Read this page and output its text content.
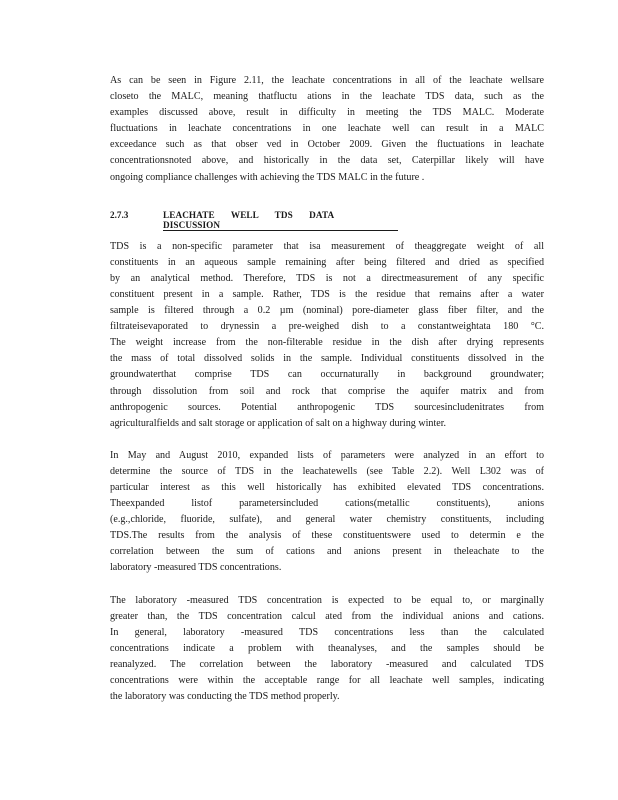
As can be seen in Figure 2.11, the leachate concentrations in all of the leachate wellsare
closeto the MALC, meaning thatfluctu ations in the leachate TDS data, such as the
examples discussed above, result in difficulty in meeting the TDS MALC. Moderate
fluctuations in leachate concentrations in one leachate well can result in a MALC
exceedance such as that obser ved in October 2009. Given the fluctuations in leachate
concentrationsnoted above, and historically in the data set, Caterpillar likely will have
ongoing compliance challenges with achieving the TDS MALC in the future .

2.7.3	LEACHATE WELL TDS DATA DISCUSSION

TDS is a non-specific parameter that isa measurement of theaggregate weight of all
constituents in an aqueous sample remaining after being filtered and dried as specified
by an analytical method. Therefore, TDS is not a directmeasurement of any specific
constituent present in a sample. Rather, TDS is the residue that remains after a water
sample is filtered through a 0.2 µm (nominal) pore-diameter glass fiber filter, and the
filtrateisevaporated to drynessin a pre-weighed dish to a constantweightata 180 °C.
The weight increase from the non-filterable residue in the dish after drying represents
the mass of total dissolved solids in the sample. Individual constituents dissolved in the
groundwaterthat comprise TDS can occurnaturally in background groundwater;
through dissolution from soil and rock that comprise the aquifer matrix and from
anthropogenic sources. Potential anthropogenic TDS sourcesincludenitrates from
agriculturalfields and salt storage or application of salt on a highway during winter.

In May and August 2010, expanded lists of parameters were analyzed in an effort to
determine the source of TDS in the leachatewells (see Table 2.2). Well L302 was of
particular interest as this well historically has exhibited elevated TDS concentrations.
Theexpanded listof parametersincluded cations(metallic constituents), anions
(e.g.,chloride, fluoride, sulfate), and general water chemistry constituents, including
TDS.The results from the analysis of these constituentswere used to determin e the
correlation between the sum of cations and anions present in theleachate to the
laboratory -measured TDS concentrations.

The laboratory -measured TDS concentration is expected to be equal to, or marginally
greater than, the TDS concentration calcul ated from the individual anions and cations.
In general, laboratory -measured TDS concentrations less than the calculated
concentrations indicate a problem with theanalyses, and the samples should be
reanalyzed. The correlation between the laboratory -measured and calculated TDS
concentrations were within the acceptable range for all leachate well samples, indicating
the laboratory was conducting the TDS method properly.
